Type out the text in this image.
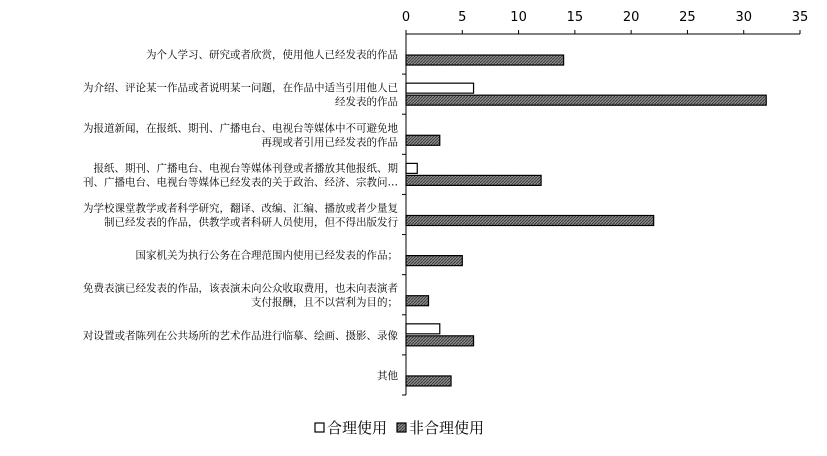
0	5	10	15	20	25	30	35
为个人学习、研究或者欣赏，使用他人已经发表的作品
为介绍、评论某一作品或者说明某一问题，在作品中适当引用他人已
经发表的作品
为报道新闻，在报纸、期刊、广播电台、电视台等媒体中不可避免地
再现或者引用已经发表的作品
报纸、期刊、广播电台、电视台等媒体刊登或者播放其他报纸、期
刊、广播电台、电视台等媒体已经发表的关于政治、经济、宗教问…
为学校课堂教学或者科学研究，翻译、改编、汇编、播放或者少量复
制已经发表的作品，供教学或者科研人员使用，但不得出版发行
国家机关为执行公务在合理范围内使用已经发表的作品；
免费表演已经发表的作品，该表演未向公众收取费用，也未向表演者
支付报酬，且不以营利为目的；
对设置或者陈列在公共场所的艺术作品进行临摹、绘画、摄影、录像
其他
合理使用 非合理使用
